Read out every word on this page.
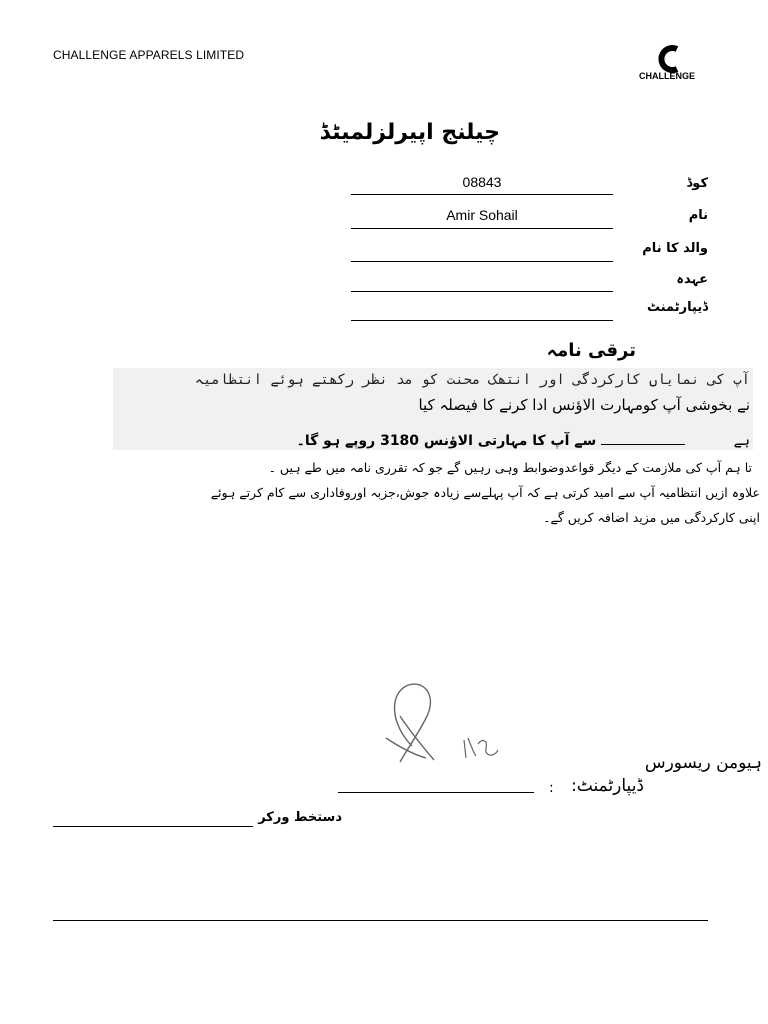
CHALLENGE APPARELS LIMITED
CHALLENGE
چیلنج اپیرلزلمیٹڈ
08843	کوڈ
Amir Sohail	نام
والد کا نام
عہدہ
ڈیپارٹمنٹ
ترقی نامہ
آپ کی نمایاں کارکردگی اور انتھک محنت کو مد نظر رکھتے ہوئے انتظامیہ
نے بخوشی آپ کومہارت الاؤنس ادا کرنے کا فیصلہ کیا
ہے   سے آپ کا مہارتی الاؤنس 3180 روپے ہو گا۔
تا ہم آپ کی ملازمت کے دیگر قواعدوضوابط وہی رہیں گے جو کہ تقرری نامہ میں طے ہیں ۔
علاوہ ازیں انتظامیہ آپ سے امید کرتی ہے کہ آپ پہلےسے زیادہ جوش،جزبہ اوروفاداری سے کام کرتے ہوئے
اپنی کارکردگی میں مزید اضافہ کریں گے۔
ہیومن ریسورس
ڈیپارٹمنٹ:
:
دستخط ورکر
